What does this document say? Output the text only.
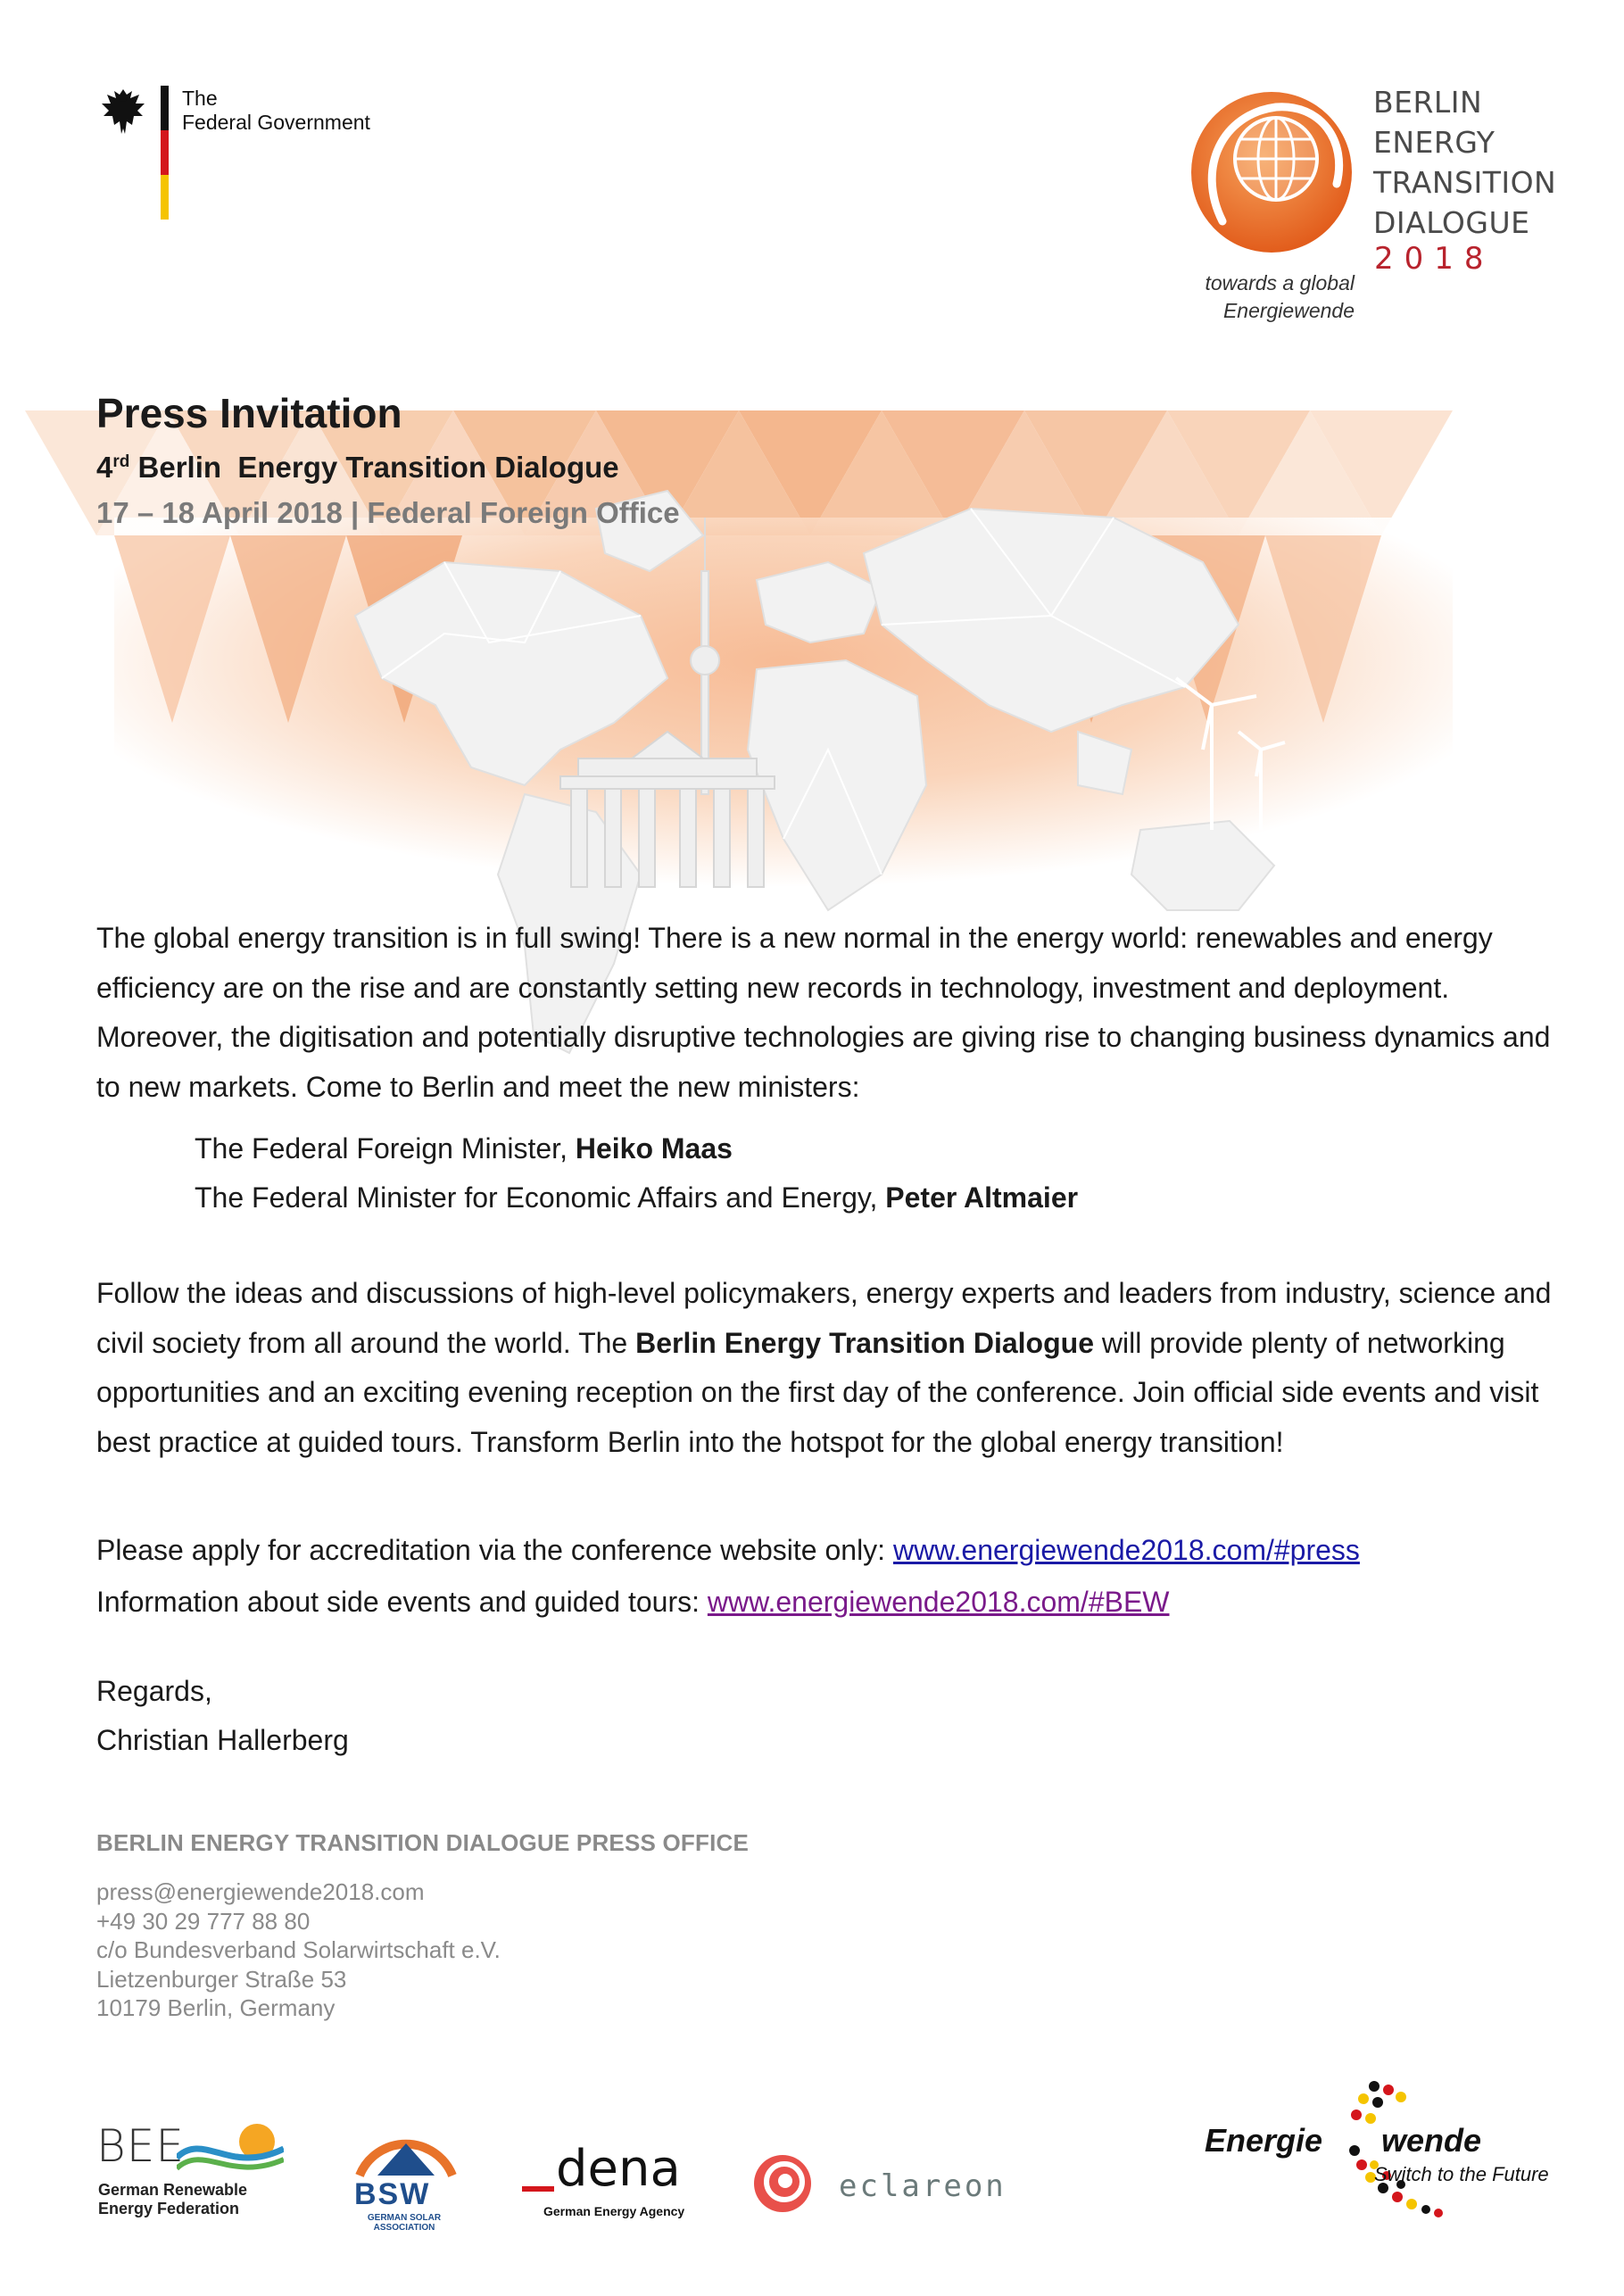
The
Federal Government
BERLIN
ENERGY
TRANSITION
DIALOGUE
2018
towards a global
Energiewende
Press Invitation
4rd Berlin  Energy Transition Dialogue
17 – 18 April 2018 | Federal Foreign Office

The global energy transition is in full swing! There is a new normal in the energy world: renewables and energy efficiency are on the rise and are constantly setting new records in technology, investment and deployment. Moreover, the digitisation and potentially disruptive technologies are giving rise to changing business dynamics and to new markets. Come to Berlin and meet the new ministers:

The Federal Foreign Minister, Heiko Maas
The Federal Minister for Economic Affairs and Energy, Peter Altmaier

Follow the ideas and discussions of high-level policymakers, energy experts and leaders from industry, science and civil society from all around the world. The Berlin Energy Transition Dialogue will provide plenty of networking opportunities and an exciting evening reception on the first day of the conference. Join official side events and visit best practice at guided tours. Transform Berlin into the hotspot for the global energy transition!

Please apply for accreditation via the conference website only: www.energiewende2018.com/#press
Information about side events and guided tours: www.energiewende2018.com/#BEW
Regards,
Christian Hallerberg
BERLIN ENERGY TRANSITION DIALOGUE PRESS OFFICE
press@energiewende2018.com
+49 30 29 777 88 80
c/o Bundesverband Solarwirtschaft e.V.
Lietzenburger Straße 53
10179 Berlin, Germany
BEE
German Renewable
Energy Federation	BSW
GERMAN SOLAR
ASSOCIATION
dena
German Energy Agency
eclareon
Energie wende
Switch to the Future
